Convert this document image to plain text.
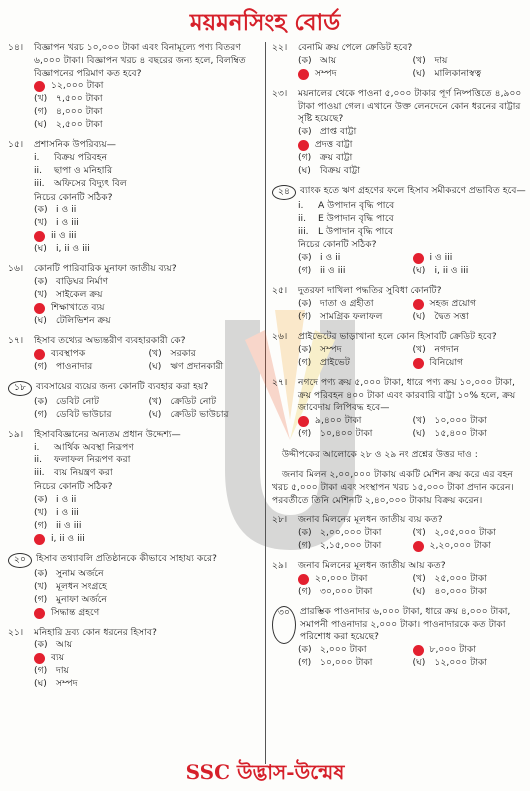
ময়মনসিংহ বোর্ড
১৪।	বিজ্ঞাপন খরচ ১০,০০০ টাকা এবং বিনামূল্যে পণ্য বিতরণ ৬,০০০ টাকা। বিজ্ঞাপন খরচ ৪ বছরের জন্য হলে, বিলম্বিত বিজ্ঞাপনের পরিমাণ কত হবে?
১২,০০০ টাকা
(খ) ৭,৫০০ টাকা
(গ) ৪,০০০ টাকা
(ঘ) ২,৫০০ টাকা
১৫।	প্রশাসনিক উপরিব্যয়—
i.	বিক্রয় পরিবহন
ii.	ছাপা ও মনিহারি
iii.	অফিসের বিদ্যুৎ বিল
নিচের কোনটি সঠিক?
(ক) i ও ii
(খ) i ও iii
ii ও iii
(ঘ) i, ii ও iii
১৬।	কোনটি পারিবারিক মুনাফা জাতীয় ব্যয়?
(ক) বাড়িঘর নির্মাণ
(খ) সাইকেল ক্রয়
শিক্ষাখাতে ব্যয়
(ঘ) টেলিভিশন ক্রয়
১৭।	হিসাব তথ্যের অভ্যন্তরীণ ব্যবহারকারী কে?
ব্যবস্থাপক	(খ) সরকার
(গ) পাওনাদার	(ঘ) ঋণ প্রদানকারী
১৮	ব্যবসায়ের ব্যয়ের জন্য কোনটি ব্যবহার করা হয়?
(ক) ডেবিট নোট	(খ) ক্রেডিট নোট
(গ) ডেবিট ভাউচার	(ঘ) ক্রেডিট ভাউচার
১৯।	হিসাববিজ্ঞানের অন্যতম প্রধান উদ্দেশ্য—
i.	আর্থিক অবস্থা নিরূপণ
ii.	ফলাফল নিরূপণ করা
iii.	ব্যয় নিয়ন্ত্রণ করা
নিচের কোনটি সঠিক?
(ক) i ও ii
(খ) i ও iii
(গ) ii ও iii
i, ii ও iii
২০	হিসাব তথ্যাবলি প্রতিষ্ঠানকে কীভাবে সাহায্য করে?
(ক) সুনাম অর্জনে
(খ) মূলধন সংগ্রহে
(গ) মুনাফা অর্জনে
সিদ্ধান্ত গ্রহণে
২১।	মনিহারি দ্রব্য কোন ধরনের হিসাব?
(ক) আয়
ব্যয়
(গ) দায়
(ঘ) সম্পদ
২২।	বেনামি ক্রয় পেলে ক্রেডিট হবে?
(ক) আয়	(খ) দায়
সম্পদ	(ঘ) মালিকানাস্বত্ব
২৩।	ময়নালের থেকে পাওনা ৫,০০০ টাকার পূর্ণ নিষ্পত্তিতে ৪,৯০০ টাকা পাওয়া গেল। এখানে উক্ত লেনদেনে কোন ধরনের বাট্টার সৃষ্টি হয়েছে?
(ক) প্রাপ্ত বাট্টা
প্রদত্ত বাট্টা
(গ) ক্রয় বাট্টা
(ঘ) বিক্রয় বাট্টা
২৪	ব্যাংক হতে ঋণ গ্রহণের ফলে হিসাব সমীকরণে প্রভাবিত হবে—
i.	A উপাদান বৃদ্ধি পাবে
ii.	E উপাদান বৃদ্ধি পাবে
iii.	L উপাদান বৃদ্ধি পাবে
নিচের কোনটি সঠিক?
(ক) i ও ii	i ও iii
(গ) ii ও iii	(ঘ) i, ii ও iii
২৫।	দুতরফা দাখিলা পদ্ধতির সুবিধা কোনটি?
(ক) দাতা ও গ্রহীতা	সহজ প্রয়োগ
(গ) সামগ্রিক ফলাফল	(ঘ) দ্বৈত সত্তা
২৬।	প্রাইভেটের ভাড়াখানা হলে কোন হিসাবটি ক্রেডিট হবে?
(ক) সম্পদ	(খ) নগদান
(গ) প্রাইভেট	বিনিয়োগ
২৭।	নগদে পণ্য ক্রয় ৫,০০০ টাকা, ধারে পণ্য ক্রয় ১০,০০০ টাকা, ক্রয় পরিবহন ৪০০ টাকা এবং কারবারি বাট্টা ১০% হলে, ক্রয় জাবেদায় লিপিবদ্ধ হবে—
৯,৪০০ টাকা	(খ) ১০,০০০ টাকা
(গ) ১০,৪০০ টাকা	(ঘ) ১৫,৪০০ টাকা
উদ্দীপকের আলোকে ২৮ ও ২৯ নং প্রশ্নের উত্তর দাও :
জনাব মিলন ২,০০,০০০ টাকায় একটি মেশিন ক্রয় করে এর বহন খরচ ৫,০০০ টাকা এবং সংস্থাপন খরচ ১৫,০০০ টাকা প্রদান করেন। পরবর্তীতে তিনি মেশিনটি ২,৪০,০০০ টাকায় বিক্রয় করেন।
২৮।	জনাব মিলনের মূলধন জাতীয় ব্যয় কত?
(ক) ২,০০,০০০ টাকা	(খ) ২,০৫,০০০ টাকা
(গ) ২,১৫,০০০ টাকা	২,২০,০০০ টাকা
২৯।	জনাব মিলনের মূলধন জাতীয় আয় কত?
২০,০০০ টাকা	(খ) ২৫,০০০ টাকা
(গ) ৩০,০০০ টাকা	(ঘ) ৪০,০০০ টাকা
৩০	প্রারম্ভিক পাওনাদার ৬,০০০ টাকা, ধারে ক্রয় ৪,০০০ টাকা, সমাপনী পাওনাদার ২,০০০ টাকা। পাওনাদারকে কত টাকা পরিশোধ করা হয়েছে?
(ক) ২,০০০ টাকা	৮,০০০ টাকা
(গ) ১০,০০০ টাকা	(ঘ) ১২,০০০ টাকা
SSC উদ্ভাস-উন্মেষ
